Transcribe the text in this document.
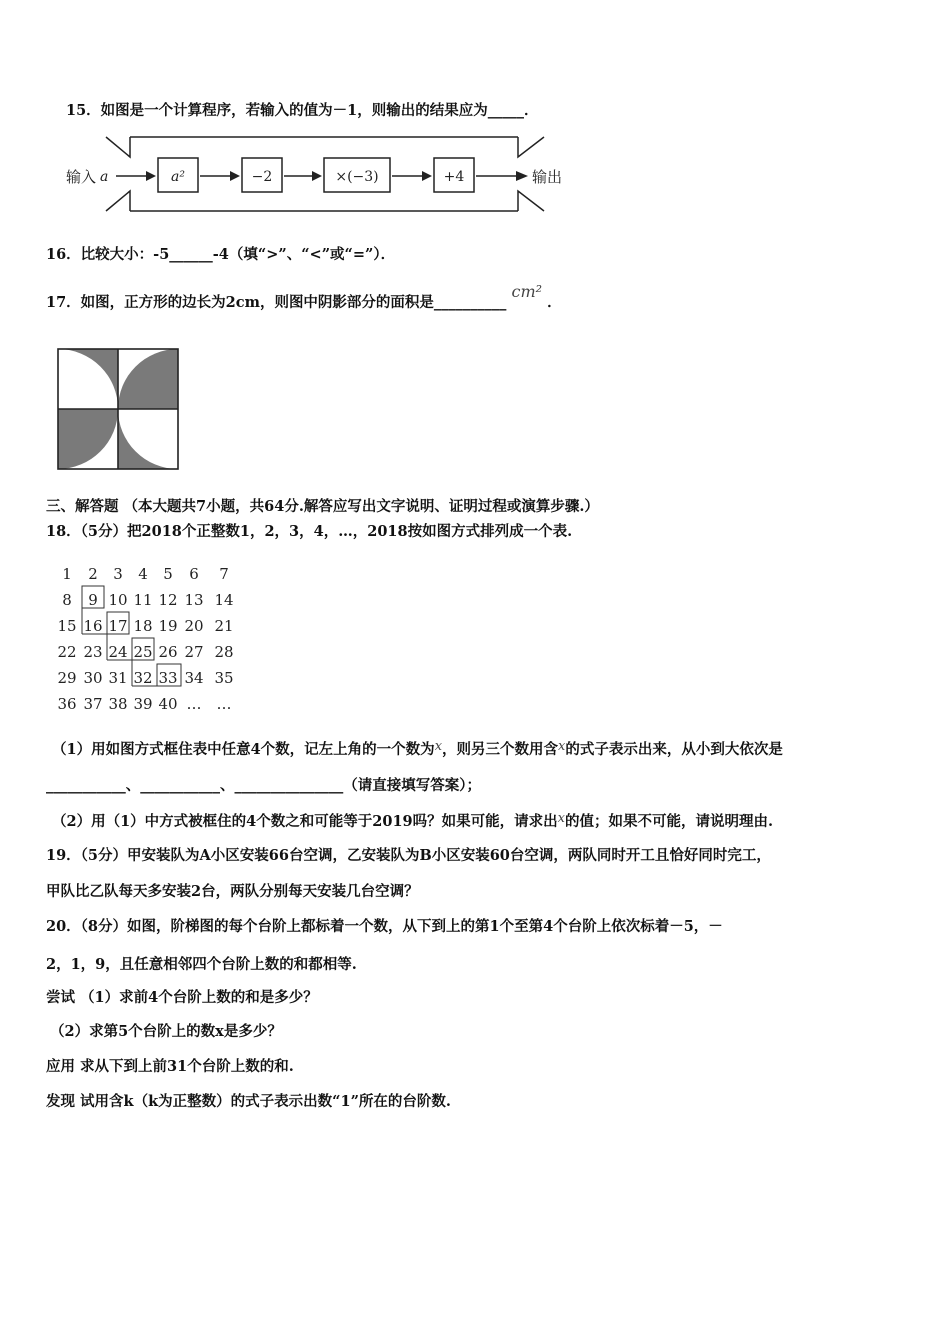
15．如图是一个计算程序，若输入的值为－1，则输出的结果应为_____．
输入 a	a²	−2	×(−3)	+4	输出
16．比较大小：-5______-4（填“>”、“<”或“=”）．
17．如图，正方形的边长为2cm，则图中阴影部分的面积是__________ cm² ．
三、解答题 （本大题共7小题，共64分.解答应写出文字说明、证明过程或演算步骤.）
18．（5分）把2018个正整数1，2，3，4，…，2018按如图方式排列成一个表.
1 2 3 4 5 6 7
8 9 10 11 12 13 14
15 16 17 18 19 20 21
22 23 24 25 26 27 28
29 30 31 32 33 34 35
36 37 38 39 40 … …
（1）用如图方式框住表中任意4个数，记左上角的一个数为x，则另三个数用含x的式子表示出来，从小到大依次是
___________、___________、_______________（请直接填写答案）；
（2）用（1）中方式被框住的4个数之和可能等于2019吗？如果可能，请求出x的值；如果不可能，请说明理由.
19．（5分）甲安装队为A小区安装66台空调，乙安装队为B小区安装60台空调，两队同时开工且恰好同时完工，
甲队比乙队每天多安装2台，两队分别每天安装几台空调？
20．（8分）如图，阶梯图的每个台阶上都标着一个数，从下到上的第1个至第4个台阶上依次标着－5，－
2，1，9，且任意相邻四个台阶上数的和都相等.
尝试 （1）求前4个台阶上数的和是多少？
（2）求第5个台阶上的数x是多少？
应用 求从下到上前31个台阶上数的和.
发现 试用含k（k为正整数）的式子表示出数“1”所在的台阶数.
